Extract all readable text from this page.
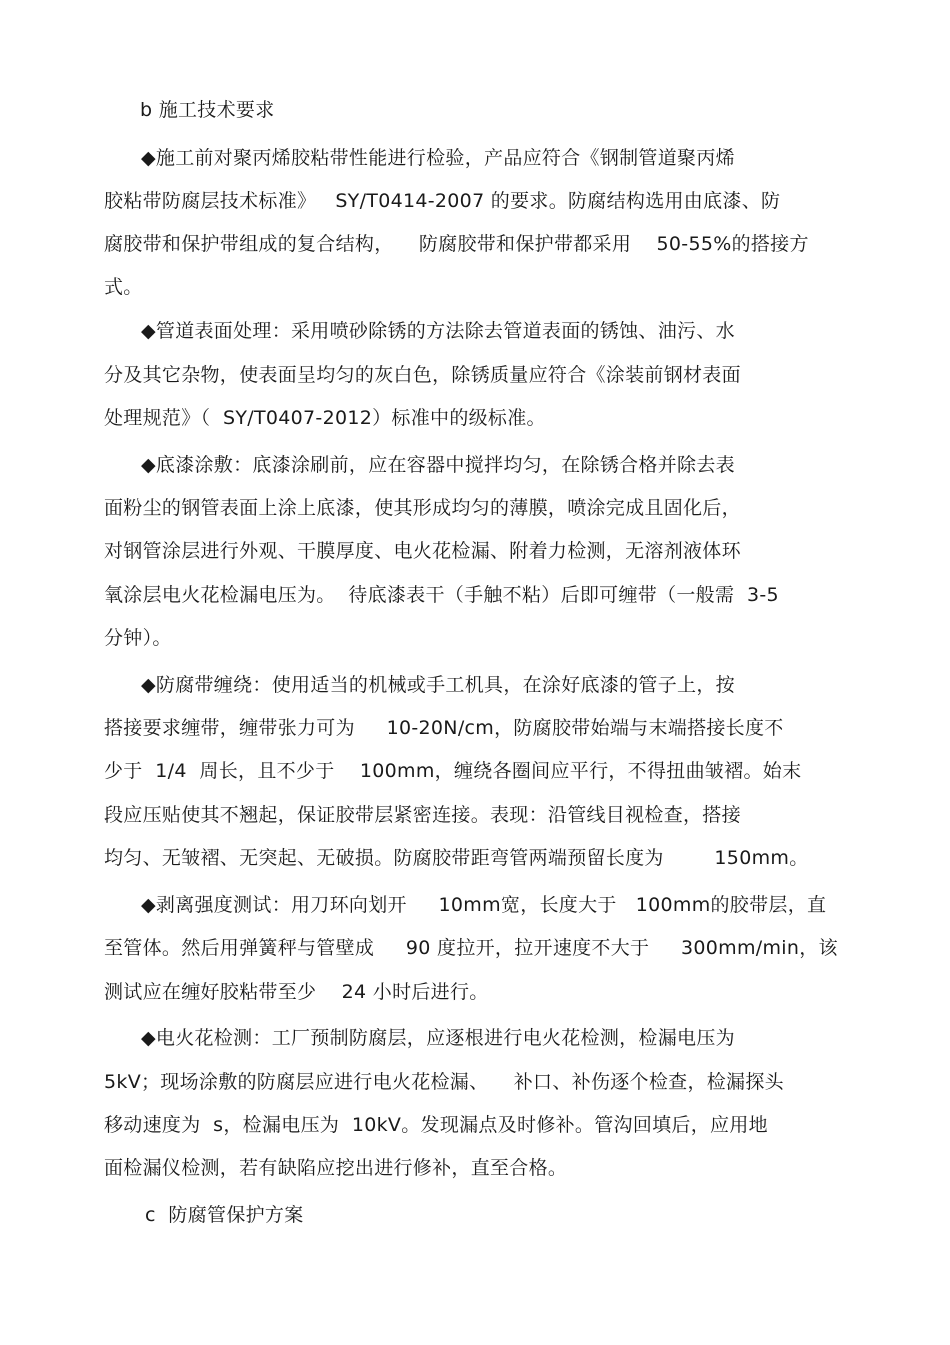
b 施工技术要求
◆施工前对聚丙烯胶粘带性能进行检验，产品应符合《钢制管道聚丙烯
胶粘带防腐层技术标准》   SY/T0414-2007 的要求。防腐结构选用由底漆、防
腐胶带和保护带组成的复合结构，    防腐胶带和保护带都采用    50-55%的搭接方
式。
◆管道表面处理：采用喷砂除锈的方法除去管道表面的锈蚀、油污、水
分及其它杂物，使表面呈均匀的灰白色，除锈质量应符合《涂装前钢材表面
处理规范》（  SY/T0407-2012）标准中的级标准。
◆底漆涂敷：底漆涂刷前，应在容器中搅拌均匀，在除锈合格并除去表
面粉尘的钢管表面上涂上底漆，使其形成均匀的薄膜，喷涂完成且固化后，
对钢管涂层进行外观、干膜厚度、电火花检漏、附着力检测，无溶剂液体环
氧涂层电火花检漏电压为。  待底漆表干（手触不粘）后即可缠带（一般需  3-5
分钟）。
◆防腐带缠绕：使用适当的机械或手工机具，在涂好底漆的管子上，按
搭接要求缠带，缠带张力可为     10-20N/cm，防腐胶带始端与末端搭接长度不
少于  1/4  周长，且不少于    100mm，缠绕各圈间应平行，不得扭曲皱褶。始末
段应压贴使其不翘起，保证胶带层紧密连接。表现：沿管线目视检查，搭接
均匀、无皱褶、无突起、无破损。防腐胶带距弯管两端预留长度为        150mm。
◆剥离强度测试：用刀环向划开     10mm宽，长度大于   100mm的胶带层，直
至管体。然后用弹簧秤与管壁成     90 度拉开，拉开速度不大于     300mm/min，该
测试应在缠好胶粘带至少    24 小时后进行。
◆电火花检测：工厂预制防腐层，应逐根进行电火花检测，检漏电压为
5kV；现场涂敷的防腐层应进行电火花检漏、    补口、补伤逐个检查，检漏探头
移动速度为  s，检漏电压为  10kV。发现漏点及时修补。管沟回填后，应用地
面检漏仪检测，若有缺陷应挖出进行修补，直至合格。
c  防腐管保护方案
